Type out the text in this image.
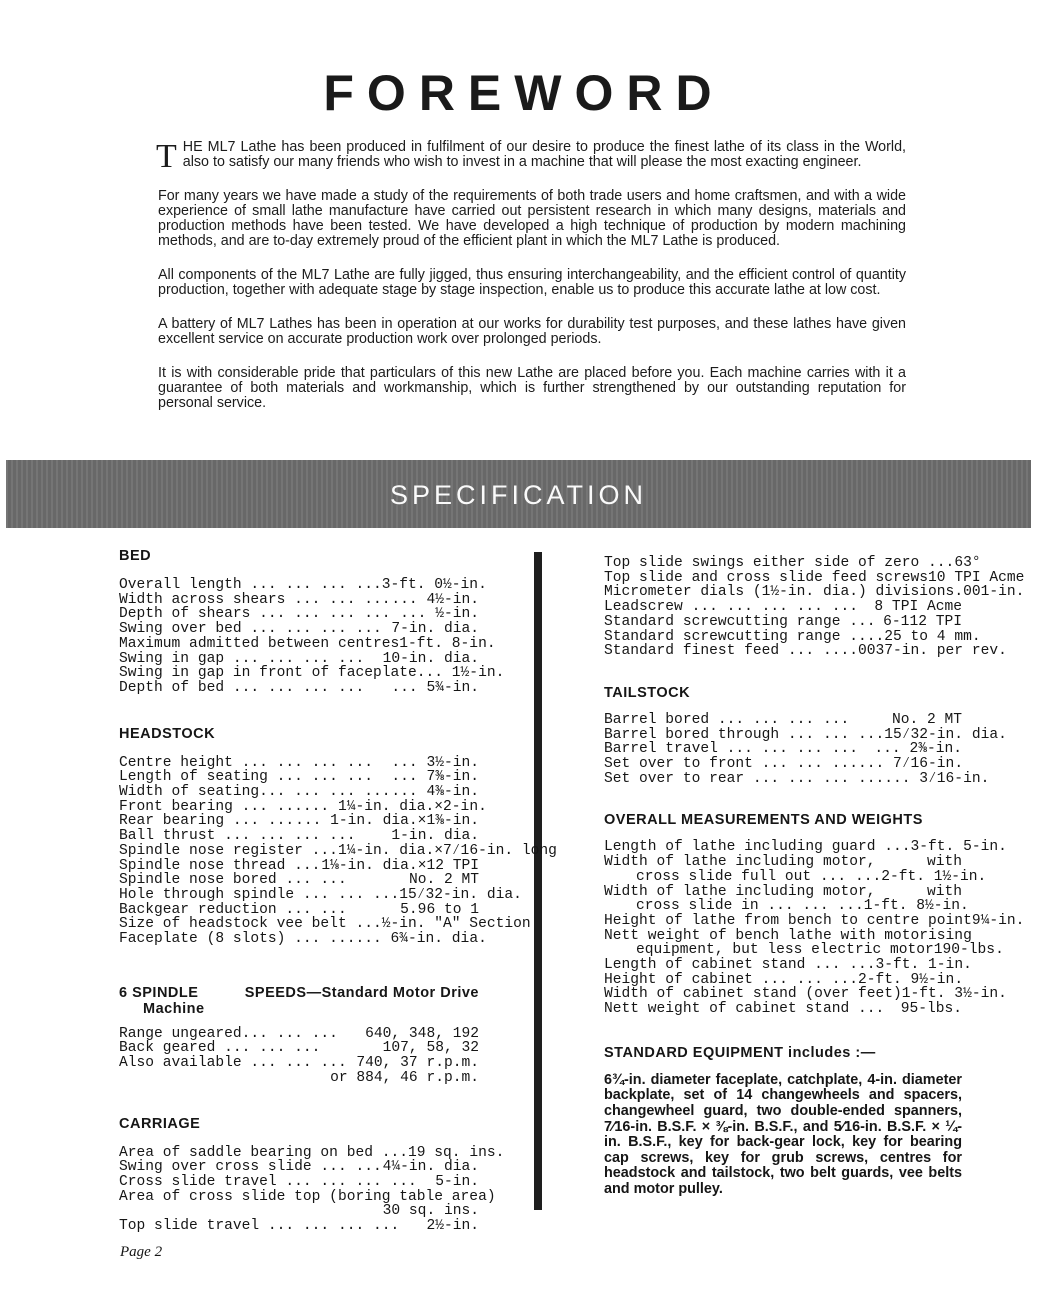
FOREWORD

THE ML7 Lathe has been produced in fulfilment of our desire to produce the finest lathe of its class in the World, also to satisfy our many friends who wish to invest in a machine that will please the most exacting engineer.

For many years we have made a study of the requirements of both trade users and home craftsmen, and with a wide experience of small lathe manufacture have carried out persistent research in which many designs, materials and production methods have been tested. We have developed a high technique of production by modern machining methods, and are to-day extremely proud of the efficient plant in which the ML7 Lathe is produced.

All components of the ML7 Lathe are fully jigged, thus ensuring interchangeability, and the efficient control of quantity production, together with adequate stage by stage inspection, enable us to produce this accurate lathe at low cost.

A battery of ML7 Lathes has been in operation at our works for durability test purposes, and these lathes have given excellent service on accurate production work over prolonged periods.

It is with considerable pride that particulars of this new Lathe are placed before you. Each machine carries with it a guarantee of both materials and workmanship, which is further strengthened by our outstanding reputation for personal service.

SPECIFICATION
BED
Overall length ... ... ... ... 3-ft. 0½-in.
Width across shears ... ... ... ... 4½-in.
Depth of shears ... ... ... ... ... ½-in.
Swing over bed ... ... ... ... 7-in. dia.
Maximum admitted between centres 1-ft. 8-in.
Swing in gap ... ... ... ... 10-in. dia.
Swing in gap in front of faceplate ... 1½-in.
Depth of bed ... ... ... ... ... 5¾-in.
HEADSTOCK
Centre height ... ... ... ... ... 3½-in.
Length of seating ... ... ... ... 7⅜-in.
Width of seating... ... ... ... ... 4⅜-in.
Front bearing ... ... ... 1¼-in. dia.×2-in.
Rear bearing ... ... ... 1-in. dia.×1⅜-in.
Ball thrust ... ... ... ... 1-in. dia.
Spindle nose register ... 1¼-in. dia.×7⁄16-in. long
Spindle nose thread ... 1⅛-in. dia.×12 TPI
Spindle nose bored ... ...	No. 2 MT
Hole through spindle ... ... ... 15⁄32-in. dia.
Backgear reduction ... ...	5.96 to 1
Size of headstock vee belt ... ½-in. "A" Section
Faceplate (8 slots) ... ... ... 6¾-in. dia.
6 SPINDLE	SPEEDS—Standard Motor Drive
Machine
Range ungeared... ... ... 640, 348, 192
Back geared ... ... ...	107, 58, 32
Also available ... ... ... 740, 37 r.p.m.
or 884, 46 r.p.m.
CARRIAGE
Area of saddle bearing on bed ... 19 sq. ins.
Swing over cross slide ... ... 4¼-in. dia.
Cross slide travel ... ... ... ... 5-in.
Area of cross slide top (boring table area)
30 sq. ins.
Top slide travel ... ... ... ... 2½-in.
Top slide swings either side of zero ... 63°
Top slide and cross slide feed screws 10 TPI Acme
Micrometer dials (1½-in. dia.) divisions .001-in.
Leadscrew ... ... ... ... ... 8 TPI Acme
Standard screwcutting range ... 6-112 TPI
Standard screwcutting range ... .25 to 4 mm.
Standard finest feed ... ... .0037-in. per rev.
TAILSTOCK
Barrel bored ... ... ... ...	No. 2 MT
Barrel bored through ... ... ... 15⁄32-in. dia.
Barrel travel ... ... ... ... ... 2⅜-in.
Set over to front ... ... ... ... 7⁄16-in.
Set over to rear ... ... ... ... ... 3⁄16-in.
OVERALL MEASUREMENTS AND WEIGHTS
Length of lathe including guard ... 3-ft. 5-in.
Width of lathe including motor,	with
cross slide full out ... ... 2-ft. 1½-in.
Width of lathe including motor,	with
cross slide in ... ... ... 1-ft. 8½-in.
Height of lathe from bench to centre point 9¼-in.
Nett weight of bench lathe with motorising
equipment, but less electric motor 190-lbs.
Length of cabinet stand ... ... 3-ft. 1-in.
Height of cabinet ... ... ... 2-ft. 9½-in.
Width of cabinet stand (over feet) 1-ft. 3½-in.
Nett weight of cabinet stand ... 95-lbs.
STANDARD EQUIPMENT includes :—
6¾-in. diameter faceplate, catchplate, 4-in. diameter backplate, set of 14 changewheels and spacers, changewheel guard, two double-ended spanners, 7⁄16-in. B.S.F. × ⅜-in. B.S.F., and 5⁄16-in. B.S.F. × ¼-in. B.S.F., key for back-gear lock, key for bearing cap screws, key for grub screws, centres for headstock and tailstock, two belt guards, vee belts and motor pulley.
Page 2
